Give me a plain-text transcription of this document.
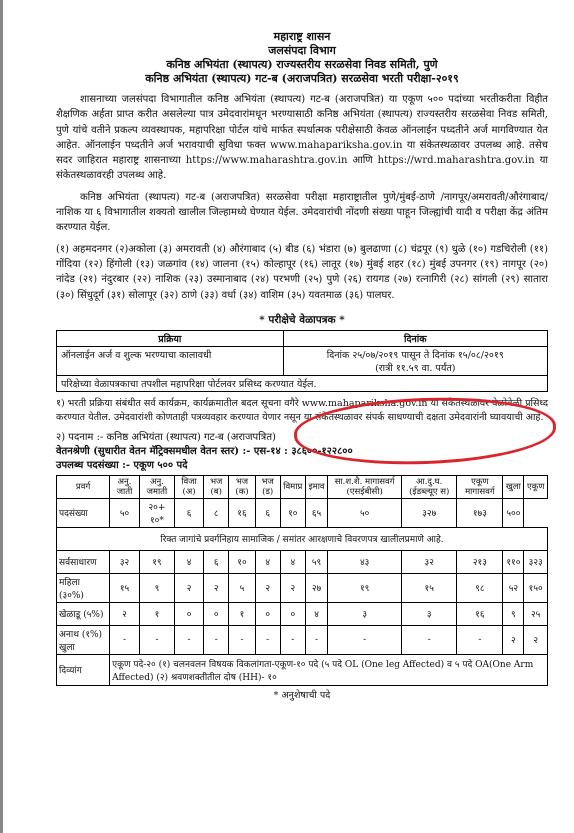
महाराष्ट्र शासन
जलसंपदा विभाग
कनिष्ठ अभियंता (स्थापत्य) राज्यस्तरीय सरळसेवा निवड समिती, पुणे
कनिष्ठ अभियंता (स्थापत्य) गट-ब (अराजपत्रित) सरळसेवा भरती परीक्षा-२०१९
शासनाच्या जलसंपदा विभागातील कनिष्ठ अभियंता (स्थापत्य) गट-ब (अराजपत्रित) या एकूण ५०० पदांच्या भरतीकरीता विहीत शैक्षणिक अर्हता प्राप्त करीत असलेल्या पात्र उमेदवारांमधून भरण्यासाठी कनिष्ठ अभियंता (स्थापत्य) राज्यस्तरीय सरळसेवा निवड समिती, पुणे यांचे वतीने प्रकल्प व्यवस्थापक, महापरिक्षा पोर्टल यांचे मार्फत स्पर्धात्मक परीक्षेसाठी केवळ ऑनलाईन पध्दतीने अर्ज मागविण्यात येत आहेत. ऑनलाईन पध्दतीने अर्ज भरावयाची सुविधा फक्त www.mahapariksha.gov.in या संकेतस्थळावर उपलब्ध आहे. तसेच सदर जाहिरात महाराष्ट्र शासनाच्या https://www.maharashtra.gov.in आणि https://wrd.maharashtra.gov.in या संकेतस्थळावरही उपलब्ध आहे.
कनिष्ठ अभियंता (स्थापत्य) गट-ब (अराजपत्रित) सरळसेवा परीक्षा महाराष्ट्रातील पुणे/मुंबई-ठाणे /नागपूर/अमरावती/औरंगाबाद/नाशिक या ६ विभागातील शक्यतो खालील जिल्हामध्ये घेण्यात येईल. उमेदवारांची नोंदणी संख्या पाहून जिल्ह्यांची यादी व परीक्षा केंद्र अंतिम करण्यात येईल.
(१) अहमदनगर (२)अकोला (३) अमरावती (४) औरंगाबाद (५) बीड (६) भंडारा (७) बुलढाणा (८) चंद्रपूर (९) धुळे (१०) गडचिरोली (११) गोंदिया (१२) हिंगोली (१३) जळगांव (१४) जालना (१५) कोल्हापूर (१६) लातूर (१७) मुंबई शहर (१८) मुंबई उपनगर (१९) नागपूर (२०) नांदेड (२१) नंदुरबार (२२) नाशिक (२३) उस्मानाबाद (२४) परभणी (२५) पुणे (२६) रायगड (२७) रत्नागिरी (२८) सांगली (२९) सातारा (३०) सिंधुदूर्ग (३१) सोलापूर (३२) ठाणे (३३) वर्धा (३४) वाशिम (३५) यवतमाळ (३६) पालघर.
* परीक्षेचे वेळापत्रक *
प्रक्रिया	दिनांक
ऑनलाईन अर्ज व शुल्क भरण्याचा कालावधी	दिनांक २५/०७/२०१९ पासून ते दिनांक १५/०८/२०१९
(रात्री ११.५९ वा. पर्यंत)
परिक्षेच्या वेळापत्रकाचा तपशील महापरिक्षा पोर्टलवर प्रसिध्द करण्यात येईल.
१) भरती प्रक्रिया संबंधीत सर्व कार्यक्रम, कार्यक्रमातील बदल सूचना वगैरे www.mahapariksha.gov.in या संकेतस्थळावर वेळोवेळी प्रसिध्द करण्यात येतील. उमेदवारांशी कोणताही पत्रव्यवहार करण्यात येणार नसून या संकेतस्थळावर संपर्क साधण्याची दक्षता उमेदवारांनी घ्यावयाची आहे.
२) पदनाम :- कनिष्ठ अभियंता (स्थापत्य) गट-ब (अराजपत्रित)
वेतनश्रेणी (सुधारीत वेतन मॅट्रिक्समधील वेतन स्तर) :- एस-१४ : ३८६००-१२२८००
उपलब्ध पदसंख्या :- एकूण ५०० पदे
प्रवर्ग	अनु. जाती	अनु. जमाती	विजा (अ)	भज (ब)	भज (क)	भज (ड)	विमाप्र	इमाव	सा.श.शै. मागासवर्ग (एसईबीसी)	आ.दु.घ. (ईडब्ल्यूए स)	एकूण मागासवर्ग	खुला	एकूण
पदसंख्या	५०	२०+ १०*	६	८	१६	६	१०	६५	५०	३२७	१७३	५००	
रिक्त जागांचे प्रवर्गनिहाय सामाजिक / समांतर आरक्षणाचे विवरणपत्र खालीलप्रमाणे आहे.													
सर्वसाधारण	३२	१९	४	६	१०	४	४	५९	४३	३२	२१३	११०	३२३
महिला (३०%)	१५	९	२	२	५	२	२	२७	१९	१५	९८	५२	१५०
खेळाडू (५%)	२	१	०	०	१	०	०	४	३	३	१६	९	२५
अनाथ (१%) खुला	-	-	-	-	-	-	-	-	-	-	-	२	२
दिव्यांग	एकूण पदे-२० (१) चलनवलन विषयक विकलांगता-एकूण-१० पदे (५ पदे OL (One leg Affected) व ५ पदे OA(One Arm Affected) (२) श्रवणशक्तीतील दोष (HH)- १०												
* अनुशेषाची पदे
